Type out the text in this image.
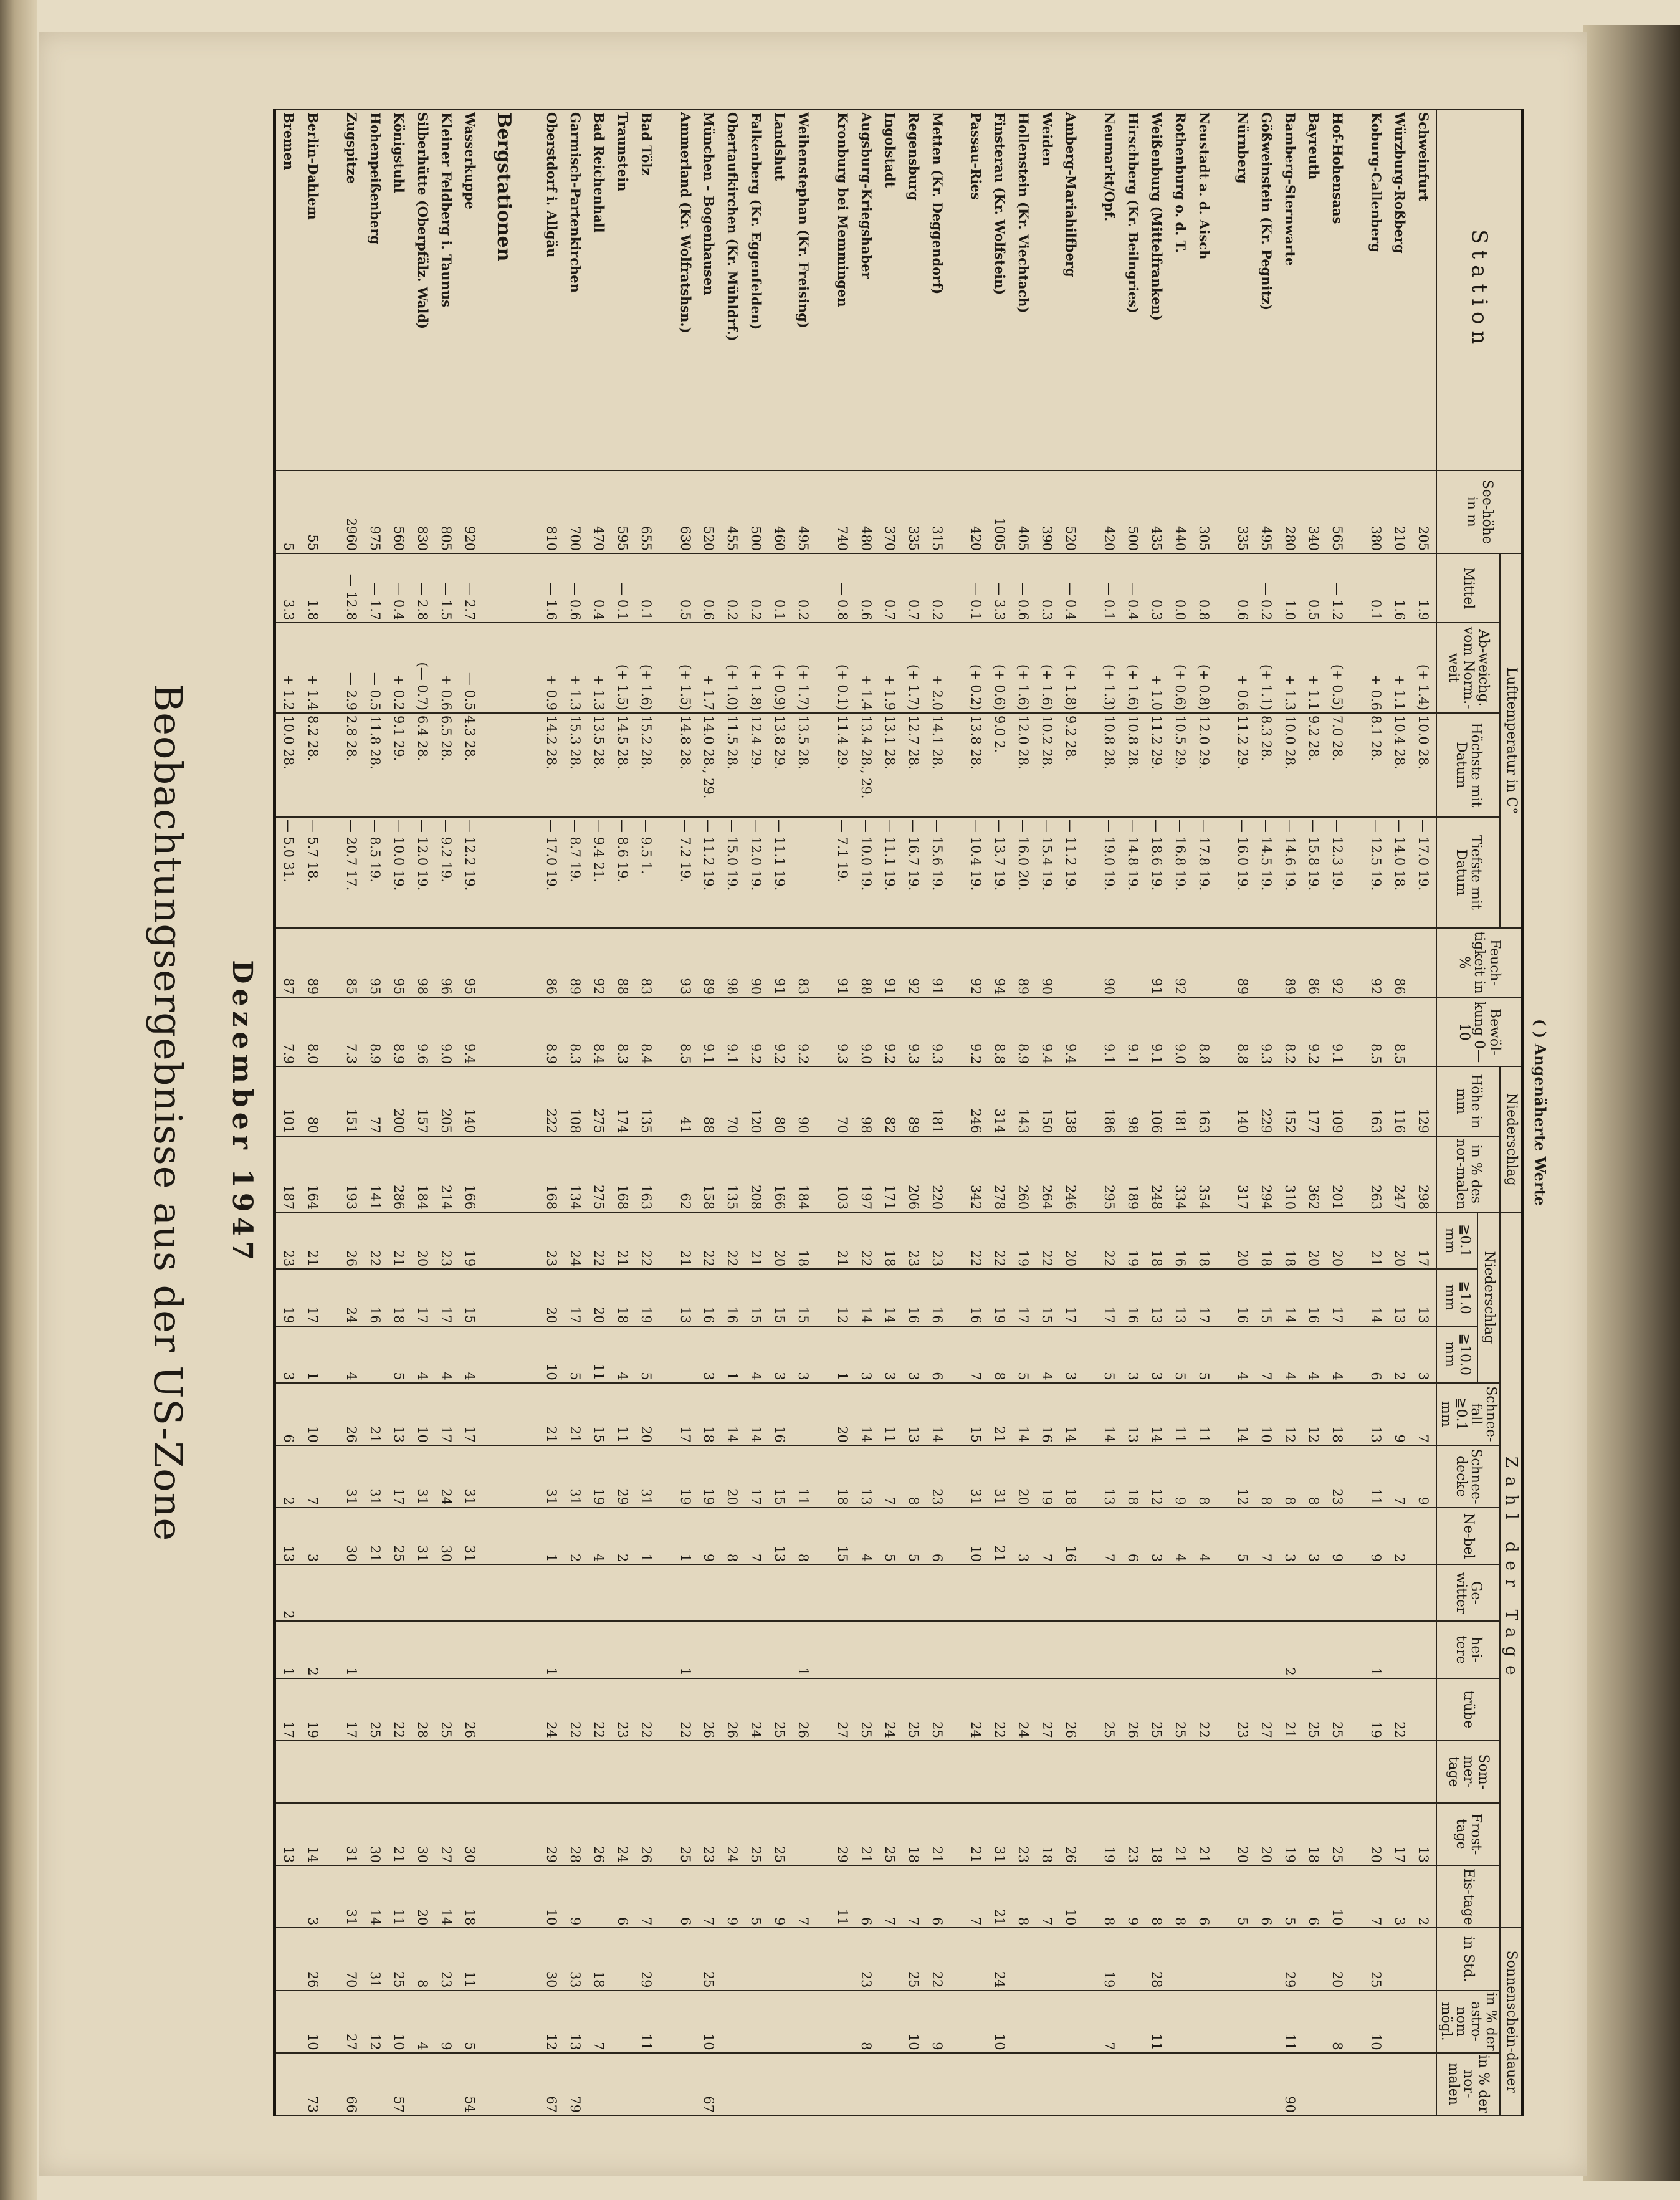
( ) Angenäherte Werte
Station	See-höhe in m	Lufttemperatur in C°				Feuch-tigkeit in %	Bewöl-kung 0—10	Niederschlag		Zahl der Tage												Sonnenschein-dauer		
		Mittel	Ab-weichg. vom Norm.-weit	Höchste mit Datum	Tiefste mit Datum			Höhe in mm	in % des nor-malen	Niederschlag			Schnee-fall ≧0.1 mm	Schnee-decke	Ne-bel	Ge-witter	hei-tere	trübe	Som-mer-tage	Frost-tage	Eis-tage	in Std.	in % der astro-nom mögl.	in % der nor-malen
										≧0.1 mm	≧1.0 mm	≧10.0 mm												
Schweinfurt	205	1.9	(+ 1.4)	10.0 28.	— 17.0 19.			129	298	17	13	3	7	9						13	2			
Würzburg-Roßberg	210	1.6	+ 1.1	10.4 28.	— 14.0 18.	86	8.5	116	247	20	13	2	9	7	2			22		17	3			
Koburg-Callenberg	380	0.1	+ 0.6	8.1 28.	— 12.5 19.	92	8.5	163	263	21	14	6	13	11	9		1	19		20	7	25	10	

Hof-Hohensaas	565	— 1.2	(+ 0.5)	7.0 28.	— 12.3 19.	92	9.1	109	201	20	17	4	18	23	9			25		25	10	20	8	
Bayreuth	340	0.5	+ 1.1	9.2 28.	— 15.8 19.	86	9.2	177	362	20	16	4	12	8	3			25		18	6			
Bamberg-Sternwarte	280	1.0	+ 1.3	10.0 28.	— 14.6 19.	89	8.2	152	310	18	14	4	12	8	3		2	21		19	5	29	11	90
Gößweinstein (Kr. Pegnitz)	495	— 0.2	(+ 1.1)	8.3 28.	— 14.5 19.		9.3	229	294	18	15	7	10	8	7			27		20	6			
Nürnberg	335	0.6	+ 0.6	11.2 29.	— 16.0 19.	89	8.8	140	317	20	16	4	14	12	5			23		20	5			

Neustadt a. d. Aisch	305	0.8	(+ 0.8)	12.0 29.	— 17.8 19.		8.8	163	354	18	17	5	11	8	4			22		21	6			
Rothenburg o. d. T.	440	0.0	(+ 0.6)	10.5 29.	— 16.8 19.	92	9.0	181	334	16	13	5	11	9	4			25		21	8			
Weißenburg (Mittelfranken)	435	0.3	+ 1.0	11.2 29.	— 18.6 19.	91	9.1	106	248	18	13	3	14	12	3			25		18	8	28	11	
Hirschberg (Kr. Beilngries)	500	— 0.4	(+ 1.6)	10.8 28.	— 14.8 19.		9.1	98	189	19	16	3	13	18	6			26		23	9			
Neumarkt/Opf.	420	— 0.1	(+ 1.3)	10.8 28.	— 19.0 19.	90	9.1	186	295	22	17	5	14	13	7			25		19	8	19	7	

Amberg-Mariahilfberg	520	— 0.4	(+ 1.8)	9.2 28.	— 11.2 19.		9.4	138	246	20	17	3	14	18	16			26		26	10			
Weiden	390	0.3	(+ 1.6)	10.2 28.	— 15.4 19.	90	9.4	150	264	22	15	4	16	19	7			27		18	7			
Hollenstein (Kr. Viechtach)	405	— 0.6	(+ 1.6)	12.0 28.	— 16.0 20.	89	8.9	143	260	19	17	5	14	20	3			24		23	8			
Finsterau (Kr. Wolfstein)	1005	— 3.3	(+ 0.6)	9.0 2.	— 13.7 19.	94	8.8	314	278	22	19	8	21	31	21			22		31	21	24	10	
Passau-Ries	420	— 0.1	(+ 0.2)	13.8 28.	— 10.4 19.	92	9.2	246	342	22	16	7	15	31	10			24		21	7			

Metten (Kr. Deggendorf)	315	0.2	+ 2.0	14.1 28.	— 15.6 19.	91	9.3	181	220	23	16	6	14	23	6			25		21	6	22	9	
Regensburg	335	0.7	(+ 1.7)	12.7 28.	— 16.7 19.	92	9.3	89	206	23	16	3	13	8	5			25		18	7	25	10	
Ingolstadt	370	0.7	+ 1.9	13.1 28.	— 11.1 19.	91	9.2	82	171	18	14	3	11	7	5			24		25	7			
Augsburg-Kriegshaber	480	0.6	+ 1.4	13.4 28., 29.	— 10.0 19.	88	9.0	98	197	22	14	3	14	13	4			25		21	6	23	8	
Kronburg bei Memmingen	740	— 0.8	(+ 0.1)	11.4 29.	— 7.1 19.	91	9.3	70	103	21	12	1	20	18	15			27		29	11			

Weihenstephan (Kr. Freising)	495	0.2	(+ 1.7)	13.5 28.		83	9.2	90	184	18	15	3		11	8		1	26			7			
Landshut	460	0.1	(+ 0.9)	13.8 29.	— 11.1 19.	91	9.2	80	166	20	15	3	16	15	13			25		25	9			
Falkenberg (Kr. Eggenfelden)	500	0.2	(+ 1.8)	12.4 29.	— 12.0 19.	90	9.2	120	208	21	15	4	14	17	7			24		25	5			
Obertaufkirchen (Kr. Mühldrf.)	455	0.2	(+ 1.0)	11.5 28.	— 15.0 19.	98	9.1	70	135	22	16	1	14	20	8			26		24	9			
München - Bogenhausen	520	0.6	+ 1.7	14.0 28., 29.	— 11.2 19.	89	9.1	88	158	22	16	3	18	19	9			26		23	7	25	10	67
Ammerland (Kr. Wolfratshsn.)	630	0.5	(+ 1.5)	14.8 28.	— 7.2 19.	93	8.5	41	62	21	13		17	19	1		1	22		25	6			

Bad Tölz	655	0.1	(+ 1.6)	15.2 28.	— 9.5 1.	83	8.4	135	163	22	19	5	20	31	1			22		26	7	29	11	
Traunstein	595	— 0.1	(+ 1.5)	14.5 28.	— 8.6 19.	88	8.3	174	168	21	18	4	11	29	2			23		24	6			
Bad Reichenhall	470	0.4	+ 1.3	13.5 28.	— 9.4 21.	92	8.4	275	275	22	20	11	15	19	4			22		26		18	7	
Garmisch-Partenkirchen	700	— 0.6	+ 1.3	15.3 28.	— 8.7 19.	89	8.3	108	134	24	17	5	21	31	2			22		28	9	33	13	79
Oberstdorf i. Allgäu	810	— 1.6	+ 0.9	14.2 28.	— 17.0 19.	86	8.9	222	168	23	20	10	21	31	1		1	24		29	10	30	12	67

Bergstationen																								
Wasserkuppe	920	— 2.7	— 0.5	4.3 28.	— 12.2 19.	95	9.4	140	166	19	15	4	17	31	31			26		30	18	11	5	54
Kleiner Feldberg i. Taunus	805	— 1.5	+ 0.6	6.5 28.	— 9.2 19.	96	9.0	205	214	23	17	4	17	24	30			25		27	14	23	9	
Silberhütte (Oberpfälz. Wald)	830	— 2.8	(— 0.7)	6.4 28.	— 12.0 19.	98	9.6	157	184	20	17	4	10	31	31			28		30	20	8	4	
Königstuhl	560	— 0.4	+ 0.2	9.1 29.	— 10.0 19.	95	8.9	200	286	21	18	5	13	17	25			22		21	11	25	10	57
Hohenpeißenberg	975	— 1.7	— 0.5	11.8 28.	— 8.5 19.	95	8.9	77	141	22	16		21	31	21			25		30	14	31	12	
Zugspitze	2960	— 12.8	— 2.9	2.8 28.	— 20.7 17.	85	7.3	151	193	26	24	4	26	31	30		1	17		31	31	70	27	66

Berlin-Dahlem	55	1.8	+ 1.4	8.2 28.	— 5.7 18.	89	8.0	80	164	21	17	1	10	7	3		2	19		14	3	26	10	73
Bremen	5	3.3	+ 1.2	10.0 28.	— 5.0 31.	87	7.9	101	187	23	19	3	6	2	13	2	1	17		13				
Dezember 1947
Beobachtungsergebnisse aus der US-Zone
